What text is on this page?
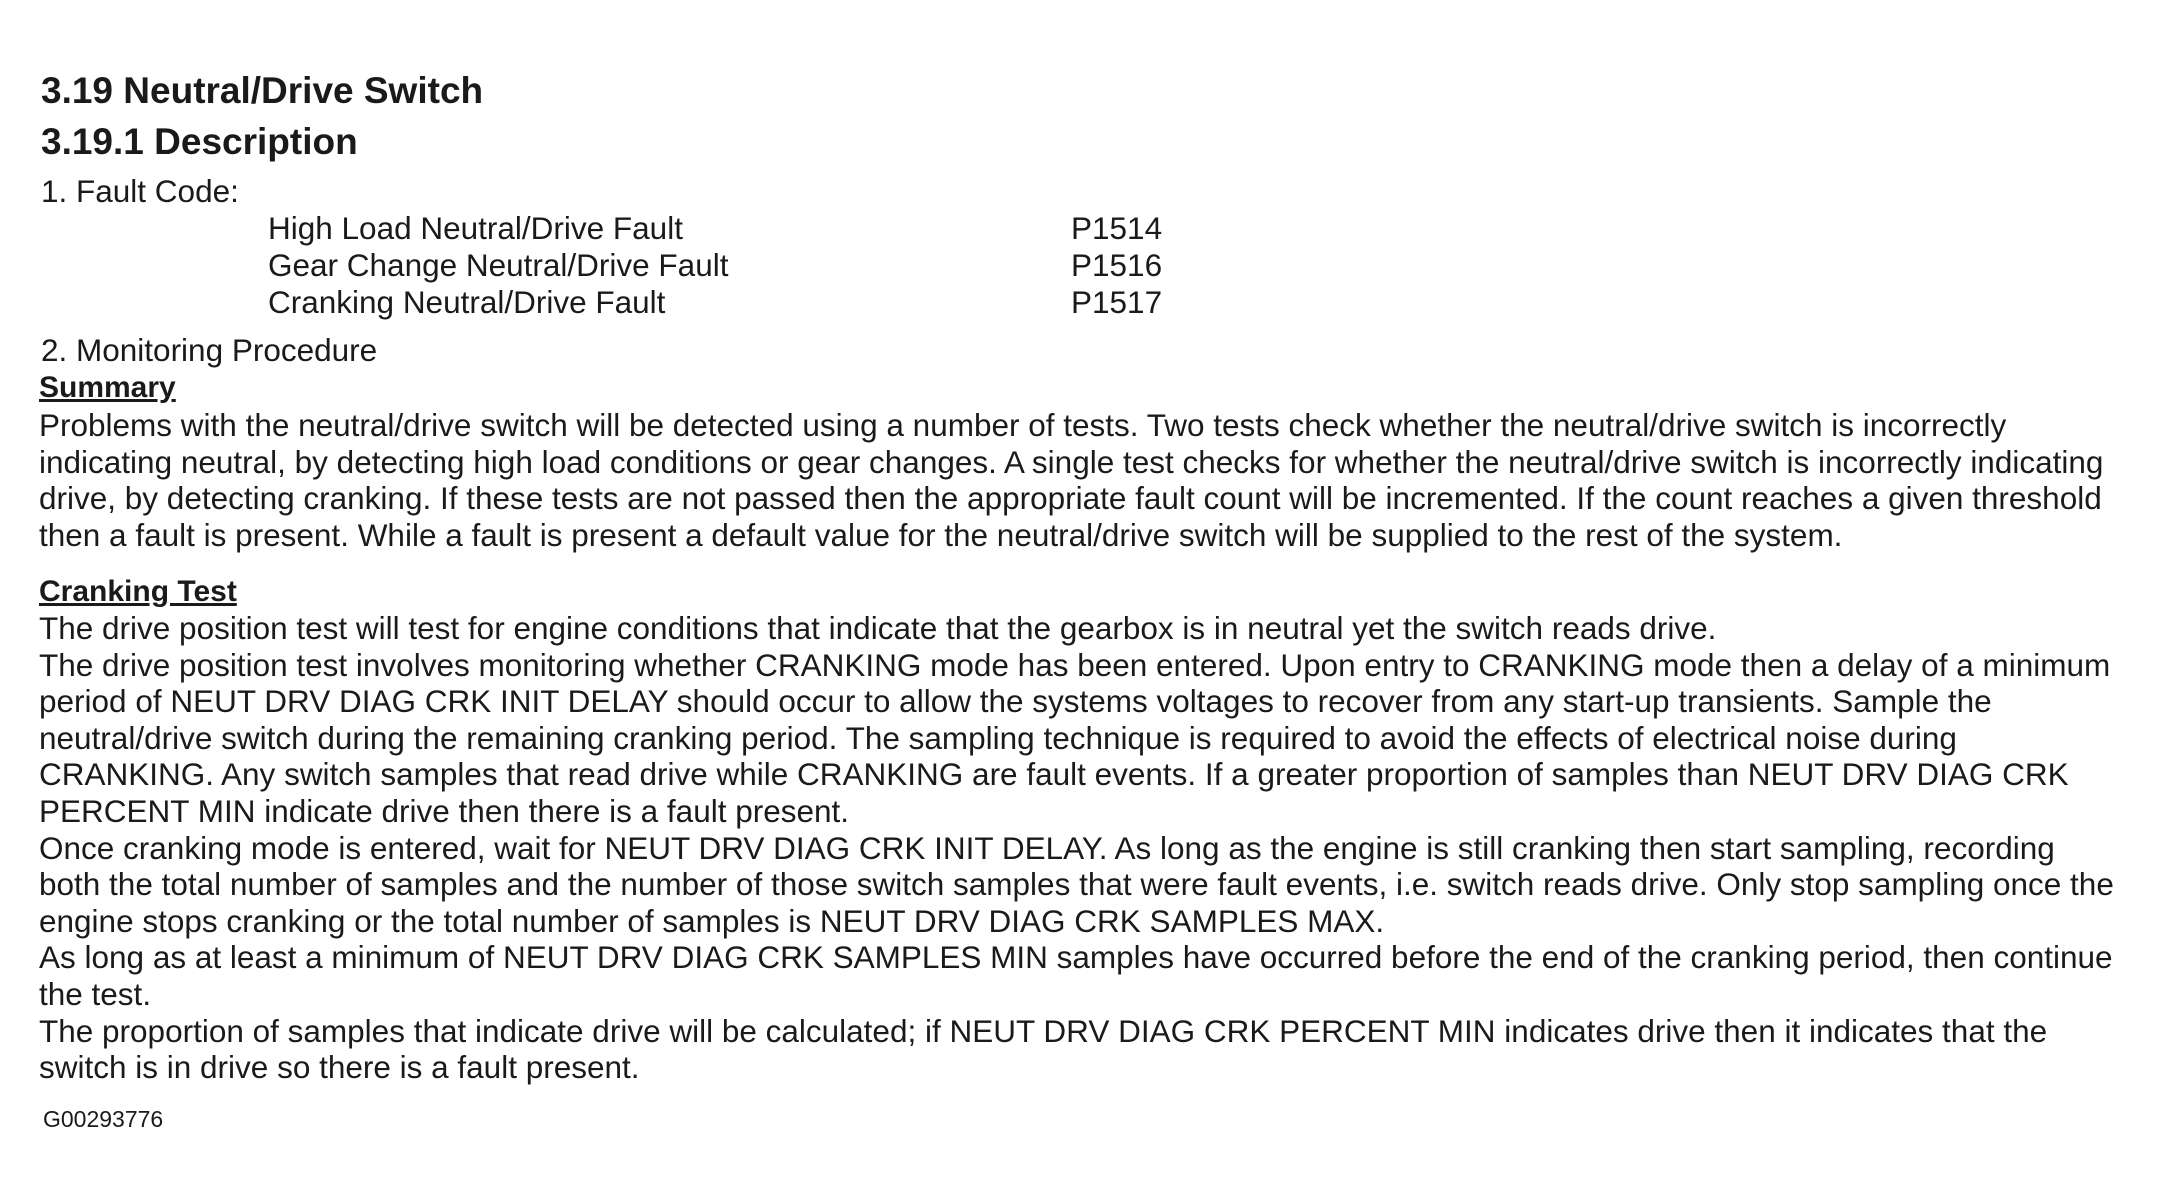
3.19 Neutral/Drive Switch
3.19.1 Description
1. Fault Code:
High Load Neutral/Drive Fault	P1514
Gear Change Neutral/Drive Fault	P1516
Cranking Neutral/Drive Fault	P1517
2. Monitoring Procedure
Summary

Problems with the neutral/drive switch will be detected using a number of tests. Two tests check whether the neutral/drive switch is incorrectly

indicating neutral, by detecting high load conditions or gear changes. A single test checks for whether the neutral/drive switch is incorrectly indicating

drive, by detecting cranking. If these tests are not passed then the appropriate fault count will be incremented. If the count reaches a given threshold

then a fault is present. While a fault is present a default value for the neutral/drive switch will be supplied to the rest of the system.

Cranking Test

The drive position test will test for engine conditions that indicate that the gearbox is in neutral yet the switch reads drive.

The drive position test involves monitoring whether CRANKING mode has been entered. Upon entry to CRANKING mode then a delay of a minimum

period of NEUT DRV DIAG CRK INIT DELAY should occur to allow the systems voltages to recover from any start-up transients. Sample the

neutral/drive switch during the remaining cranking period. The sampling technique is required to avoid the effects of electrical noise during

CRANKING. Any switch samples that read drive while CRANKING are fault events. If a greater proportion of samples than NEUT DRV DIAG CRK

PERCENT MIN indicate drive then there is a fault present.

Once cranking mode is entered, wait for NEUT DRV DIAG CRK INIT DELAY. As long as the engine is still cranking then start sampling, recording

both the total number of samples and the number of those switch samples that were fault events, i.e. switch reads drive. Only stop sampling once the

engine stops cranking or the total number of samples is NEUT DRV DIAG CRK SAMPLES MAX.

As long as at least a minimum of NEUT DRV DIAG CRK SAMPLES MIN samples have occurred before the end of the cranking period, then continue

the test.

The proportion of samples that indicate drive will be calculated; if NEUT DRV DIAG CRK PERCENT MIN indicates drive then it indicates that the

switch is in drive so there is a fault present.

G00293776
